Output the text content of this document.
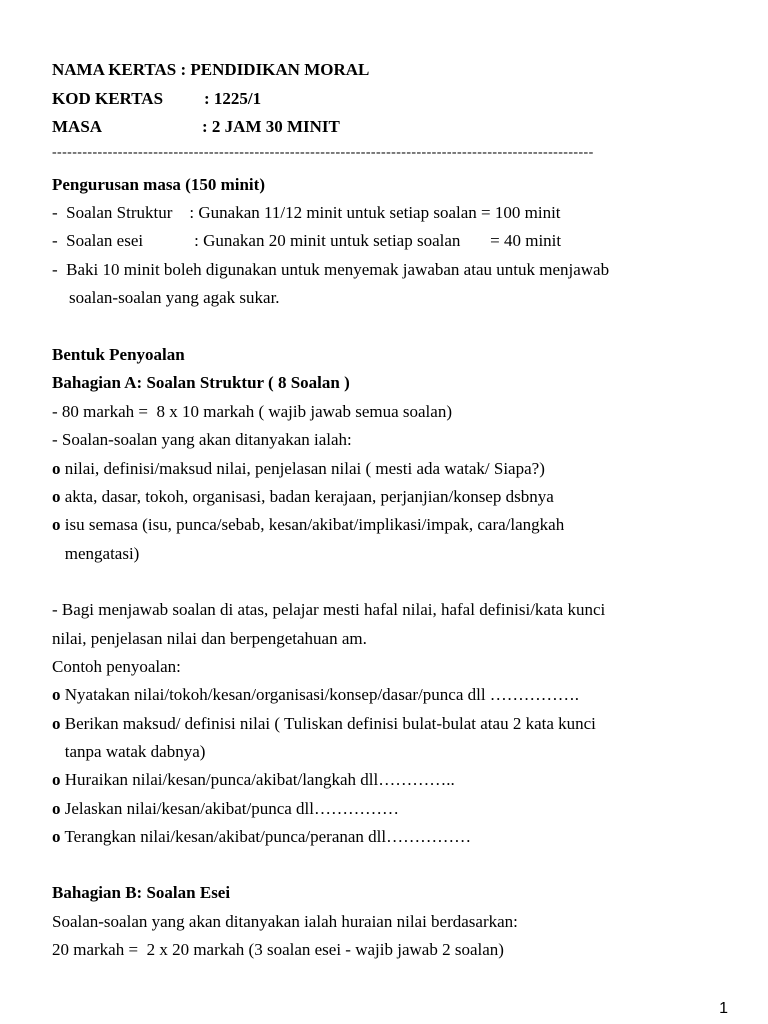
NAMA KERTAS : PENDIDIKAN MORAL
KOD KERTAS : 1225/1
MASA	: 2 JAM 30 MINIT
-----------------------------------------------------------------------------------------------------------
Pengurusan masa (150 minit)
-  Soalan Struktur    : Gunakan 11/12 minit untuk setiap soalan = 100 minit
-  Soalan esei            : Gunakan 20 minit untuk setiap soalan       = 40 minit
-  Baki 10 minit boleh digunakan untuk menyemak jawaban atau untuk menjawab
soalan-soalan yang agak sukar.
Bentuk Penyoalan
Bahagian A: Soalan Struktur ( 8 Soalan )
- 80 markah =  8 x 10 markah ( wajib jawab semua soalan)
- Soalan-soalan yang akan ditanyakan ialah:
o nilai, definisi/maksud nilai, penjelasan nilai ( mesti ada watak/ Siapa?)
o akta, dasar, tokoh, organisasi, badan kerajaan, perjanjian/konsep dsbnya
o isu semasa (isu, punca/sebab, kesan/akibat/implikasi/impak, cara/langkah
mengatasi)
- Bagi menjawab soalan di atas, pelajar mesti hafal nilai, hafal definisi/kata kunci
nilai, penjelasan nilai dan berpengetahuan am.
Contoh penyoalan:
o Nyatakan nilai/tokoh/kesan/organisasi/konsep/dasar/punca dll …………….
o Berikan maksud/ definisi nilai ( Tuliskan definisi bulat-bulat atau 2 kata kunci
tanpa watak dabnya)
o Huraikan nilai/kesan/punca/akibat/langkah dll…………..
o Jelaskan nilai/kesan/akibat/punca dll……………
o Terangkan nilai/kesan/akibat/punca/peranan dll……………
Bahagian B: Soalan Esei
Soalan-soalan yang akan ditanyakan ialah huraian nilai berdasarkan:
20 markah =  2 x 20 markah (3 soalan esei - wajib jawab 2 soalan)
1
